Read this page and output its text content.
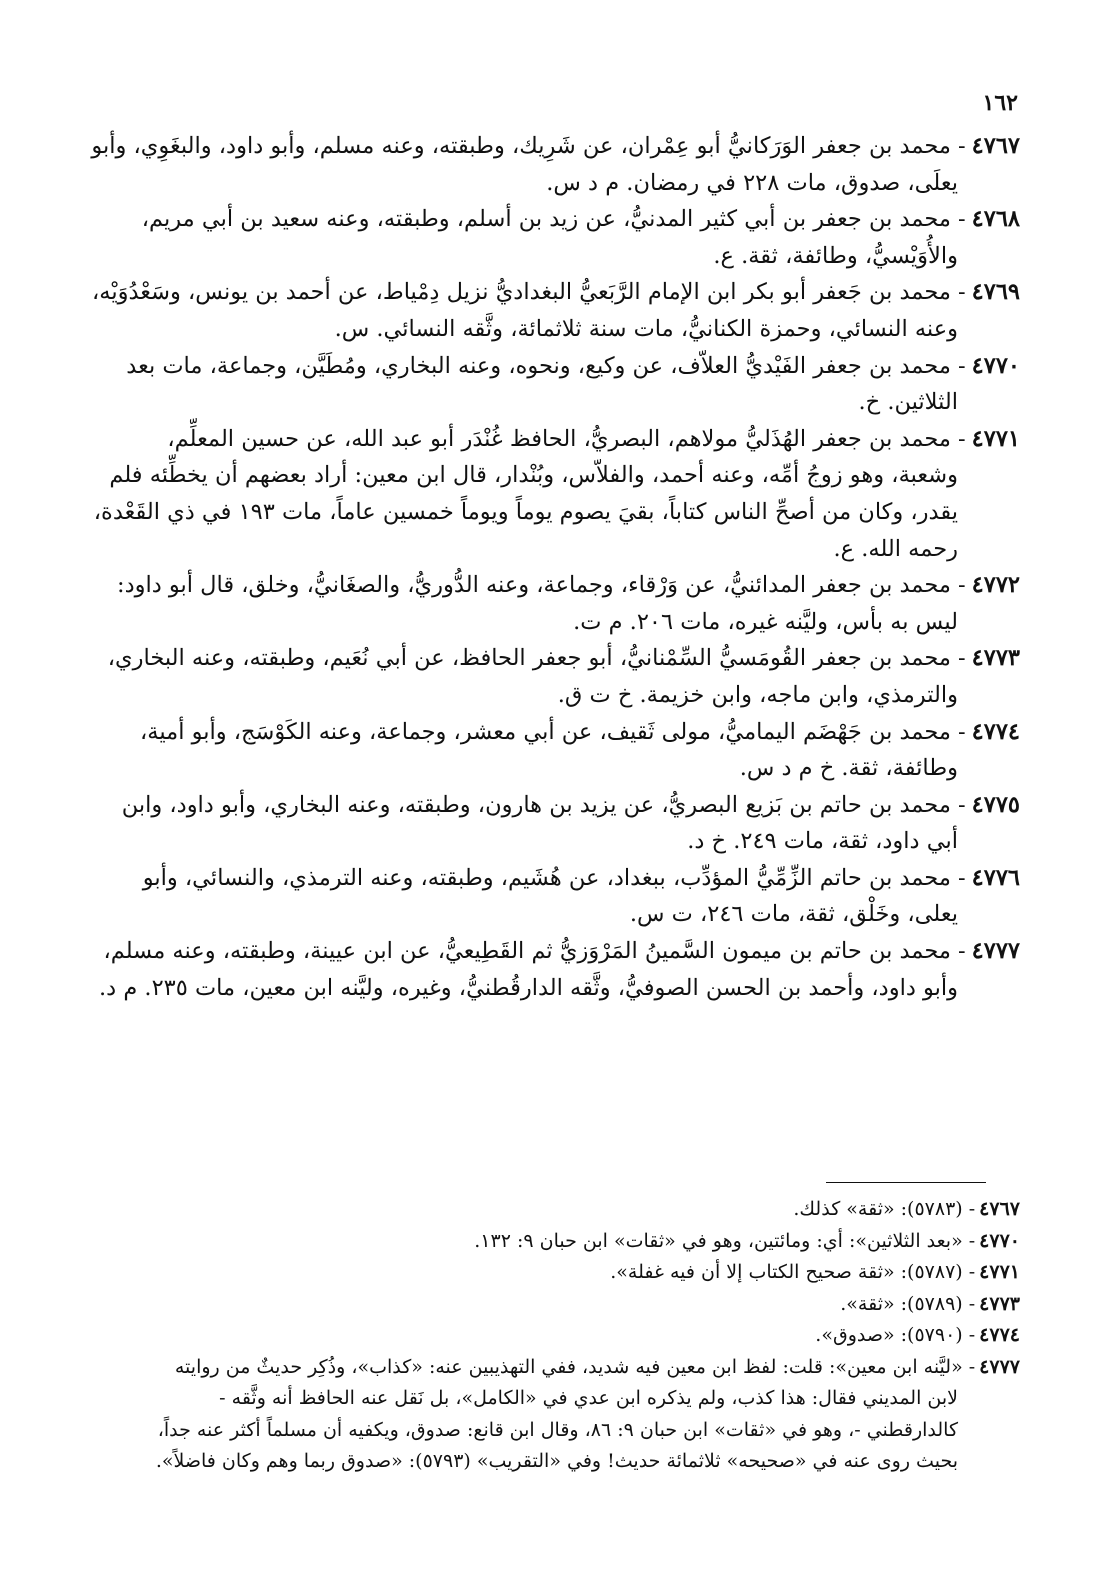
١٦٢
٤٧٦٧- محمد بن جعفر الوَرَكانيُّ أبو عِمْران، عن شَرِيك، وطبقته، وعنه مسلم، وأبو داود، والبغَوِي، وأبو
يعلَى، صدوق، مات ٢٢٨ في رمضان. م د س.
٤٧٦٨- محمد بن جعفر بن أبي كثير المدنيُّ، عن زيد بن أسلم، وطبقته، وعنه سعيد بن أبي مريم،
والأُوَيْسيُّ، وطائفة، ثقة. ع.
٤٧٦٩- محمد بن جَعفر أبو بكر ابن الإمام الرَّبَعيُّ البغداديُّ نزيل دِمْياط، عن أحمد بن يونس، وسَعْدُوَيْه،
وعنه النسائي، وحمزة الكنانيُّ، مات سنة ثلاثمائة، وثَّقه النسائي. س.
٤٧٧٠- محمد بن جعفر الفَيْديُّ العلاّف، عن وكيع، ونحوه، وعنه البخاري، ومُطَيَّن، وجماعة، مات بعد
الثلاثين. خ.
٤٧٧١- محمد بن جعفر الهُذَليُّ مولاهم، البصريُّ، الحافظ غُنْدَر أبو عبد الله، عن حسين المعلِّم،
وشعبة، وهو زوجُ أمِّه، وعنه أحمد، والفلاّس، وبُنْدار، قال ابن معين: أراد بعضهم أن يخطِّئه فلم
يقدر، وكان من أصحِّ الناس كتاباً، بقيَ يصوم يوماً ويوماً خمسين عاماً، مات ١٩٣ في ذي القَعْدة،
رحمه الله. ع.
٤٧٧٢- محمد بن جعفر المدائنيُّ، عن وَرْقاء، وجماعة، وعنه الدُّوريُّ، والصغَانيُّ، وخلق، قال أبو داود:
ليس به بأس، وليَّنه غيره، مات ٢٠٦. م ت.
٤٧٧٣- محمد بن جعفر القُومَسيُّ السِّمْنانيُّ، أبو جعفر الحافظ، عن أبي نُعَيم، وطبقته، وعنه البخاري،
والترمذي، وابن ماجه، وابن خزيمة. خ ت ق.
٤٧٧٤- محمد بن جَهْضَم اليماميُّ، مولى ثَقيف، عن أبي معشر، وجماعة، وعنه الكَوْسَج، وأبو أمية،
وطائفة، ثقة. خ م د س.
٤٧٧٥- محمد بن حاتم بن بَزيع البصريُّ، عن يزيد بن هارون، وطبقته، وعنه البخاري، وأبو داود، وابن
أبي داود، ثقة، مات ٢٤٩. خ د.
٤٧٧٦- محمد بن حاتم الزِّمِّيُّ المؤدِّب، ببغداد، عن هُشَيم، وطبقته، وعنه الترمذي، والنسائي، وأبو
يعلى، وخَلْق، ثقة، مات ٢٤٦، ت س.
٤٧٧٧- محمد بن حاتم بن ميمون السَّمينُ المَرْوَزيُّ ثم القَطِيعيُّ، عن ابن عيينة، وطبقته، وعنه مسلم،
وأبو داود، وأحمد بن الحسن الصوفيُّ، وثَّقه الدارقُطنيُّ، وغيره، وليَّنه ابن معين، مات ٢٣٥. م د.
٤٧٦٧- (٥٧٨٣): «ثقة» كذلك.
٤٧٧٠- «بعد الثلاثين»: أي: ومائتين، وهو في «ثقات» ابن حبان ٩: ١٣٢.
٤٧٧١- (٥٧٨٧): «ثقة صحيح الكتاب إلا أن فيه غفلة».
٤٧٧٣- (٥٧٨٩): «ثقة».
٤٧٧٤- (٥٧٩٠): «صدوق».
٤٧٧٧- «ليَّنه ابن معين»: قلت: لفظ ابن معين فيه شديد، ففي التهذيبين عنه: «كذاب»، وذُكِر حديثٌ من روايته
لابن المديني فقال: هذا كذب، ولم يذكره ابن عدي في «الكامل»، بل نَقل عنه الحافظ أنه وثَّقه -
كالدارقطني -، وهو في «ثقات» ابن حبان ٩: ٨٦، وقال ابن قانع: صدوق، ويكفيه أن مسلماً أكثر عنه جداً،
بحيث روى عنه في «صحيحه» ثلاثمائة حديث! وفي «التقريب» (٥٧٩٣): «صدوق ربما وهم وكان فاضلاً».
